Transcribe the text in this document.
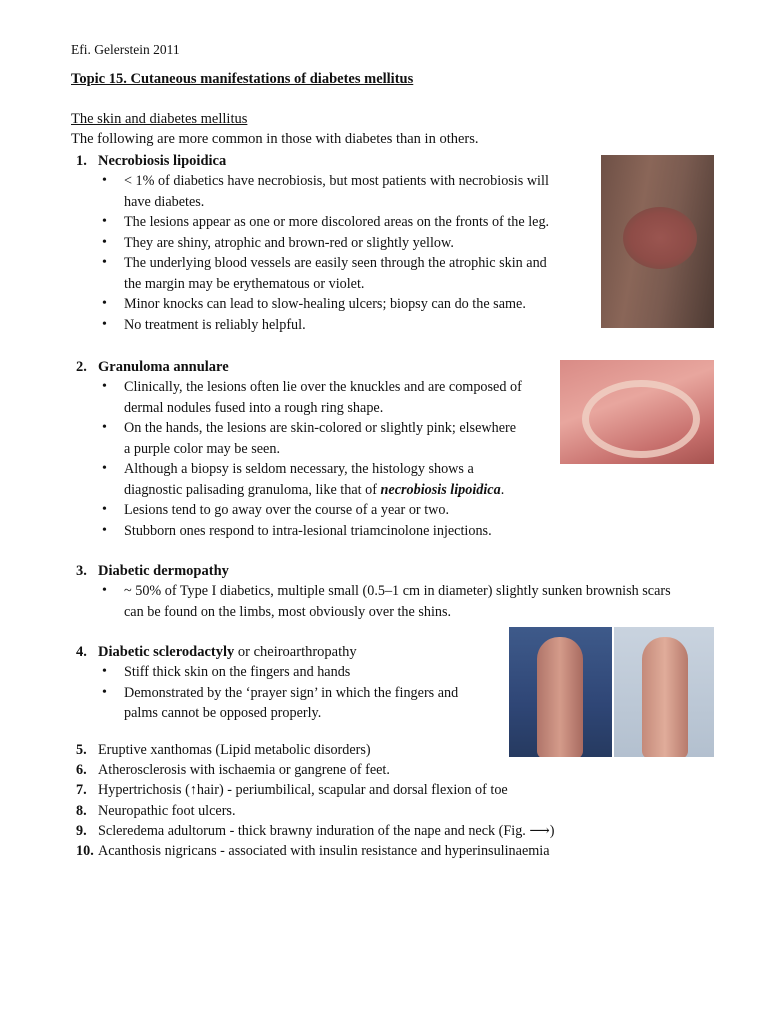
Efi. Gelerstein 2011
Topic 15. Cutaneous manifestations of diabetes mellitus
The skin and diabetes mellitus
The following are more common in those with diabetes than in others.
1. Necrobiosis lipoidica
• < 1% of diabetics have necrobiosis, but most patients with necrobiosis will
have diabetes.
• The lesions appear as one or more discolored areas on the fronts of the leg.
• They are shiny, atrophic and brown-red or slightly yellow.
• The underlying blood vessels are easily seen through the atrophic skin and
the margin may be erythematous or violet.
• Minor knocks can lead to slow-healing ulcers; biopsy can do the same.
• No treatment is reliably helpful.
2. Granuloma annulare
• Clinically, the lesions often lie over the knuckles and are composed of
dermal nodules fused into a rough ring shape.
• On the hands, the lesions are skin-colored or slightly pink; elsewhere
a purple color may be seen.
• Although a biopsy is seldom necessary, the histology shows a
diagnostic palisading granuloma, like that of necrobiosis lipoidica.
• Lesions tend to go away over the course of a year or two.
• Stubborn ones respond to intra-lesional triamcinolone injections.
3. Diabetic dermopathy
• ~ 50% of Type I diabetics, multiple small (0.5–1 cm in diameter) slightly sunken brownish scars
can be found on the limbs, most obviously over the shins.
4. Diabetic sclerodactyly or cheiroarthropathy
• Stiff thick skin on the fingers and hands
• Demonstrated by the ‘prayer sign’ in which the fingers and
palms cannot be opposed properly.
5. Eruptive xanthomas (Lipid metabolic disorders)
6. Atherosclerosis with ischaemia or gangrene of feet.
7. Hypertrichosis (↑hair) - periumbilical, scapular and dorsal flexion of toe
8. Neuropathic foot ulcers.
9. Scleredema adultorum - thick brawny induration of the nape and neck (Fig. ⟶)
10. Acanthosis nigricans - associated with insulin resistance and hyperinsulinaemia
